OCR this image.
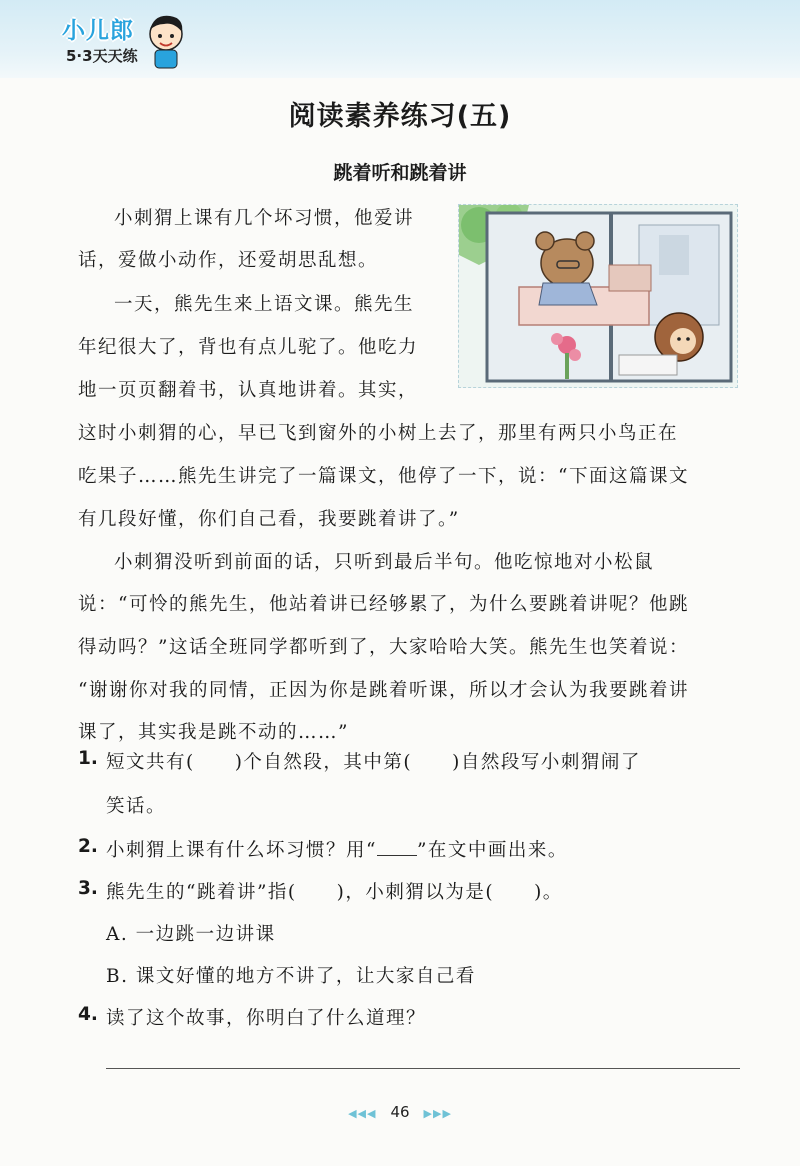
小儿郎
5·3天天练
阅读素养练习(五)
跳着听和跳着讲
小刺猬上课有几个坏习惯，他爱讲
话，爱做小动作，还爱胡思乱想。
一天，熊先生来上语文课。熊先生
年纪很大了，背也有点儿驼了。他吃力
地一页页翻着书，认真地讲着。其实，
这时小刺猬的心，早已飞到窗外的小树上去了，那里有两只小鸟正在
吃果子……熊先生讲完了一篇课文，他停了一下，说：“下面这篇课文
有几段好懂，你们自己看，我要跳着讲了。”
小刺猬没听到前面的话，只听到最后半句。他吃惊地对小松鼠
说：“可怜的熊先生，他站着讲已经够累了，为什么要跳着讲呢？他跳
得动吗？”这话全班同学都听到了，大家哈哈大笑。熊先生也笑着说：
“谢谢你对我的同情，正因为你是跳着听课，所以才会认为我要跳着讲
课了，其实我是跳不动的……”
1. 短文共有(　　)个自然段，其中第(　　)自然段写小刺猬闹了
笑话。
2. 小刺猬上课有什么坏习惯？用“ ”在文中画出来。
3. 熊先生的“跳着讲”指(　　)，小刺猬以为是(　　)。
A. 一边跳一边讲课
B. 课文好懂的地方不讲了，让大家自己看
4. 读了这个故事，你明白了什么道理？
◀◀◀ 46 ▶▶▶
